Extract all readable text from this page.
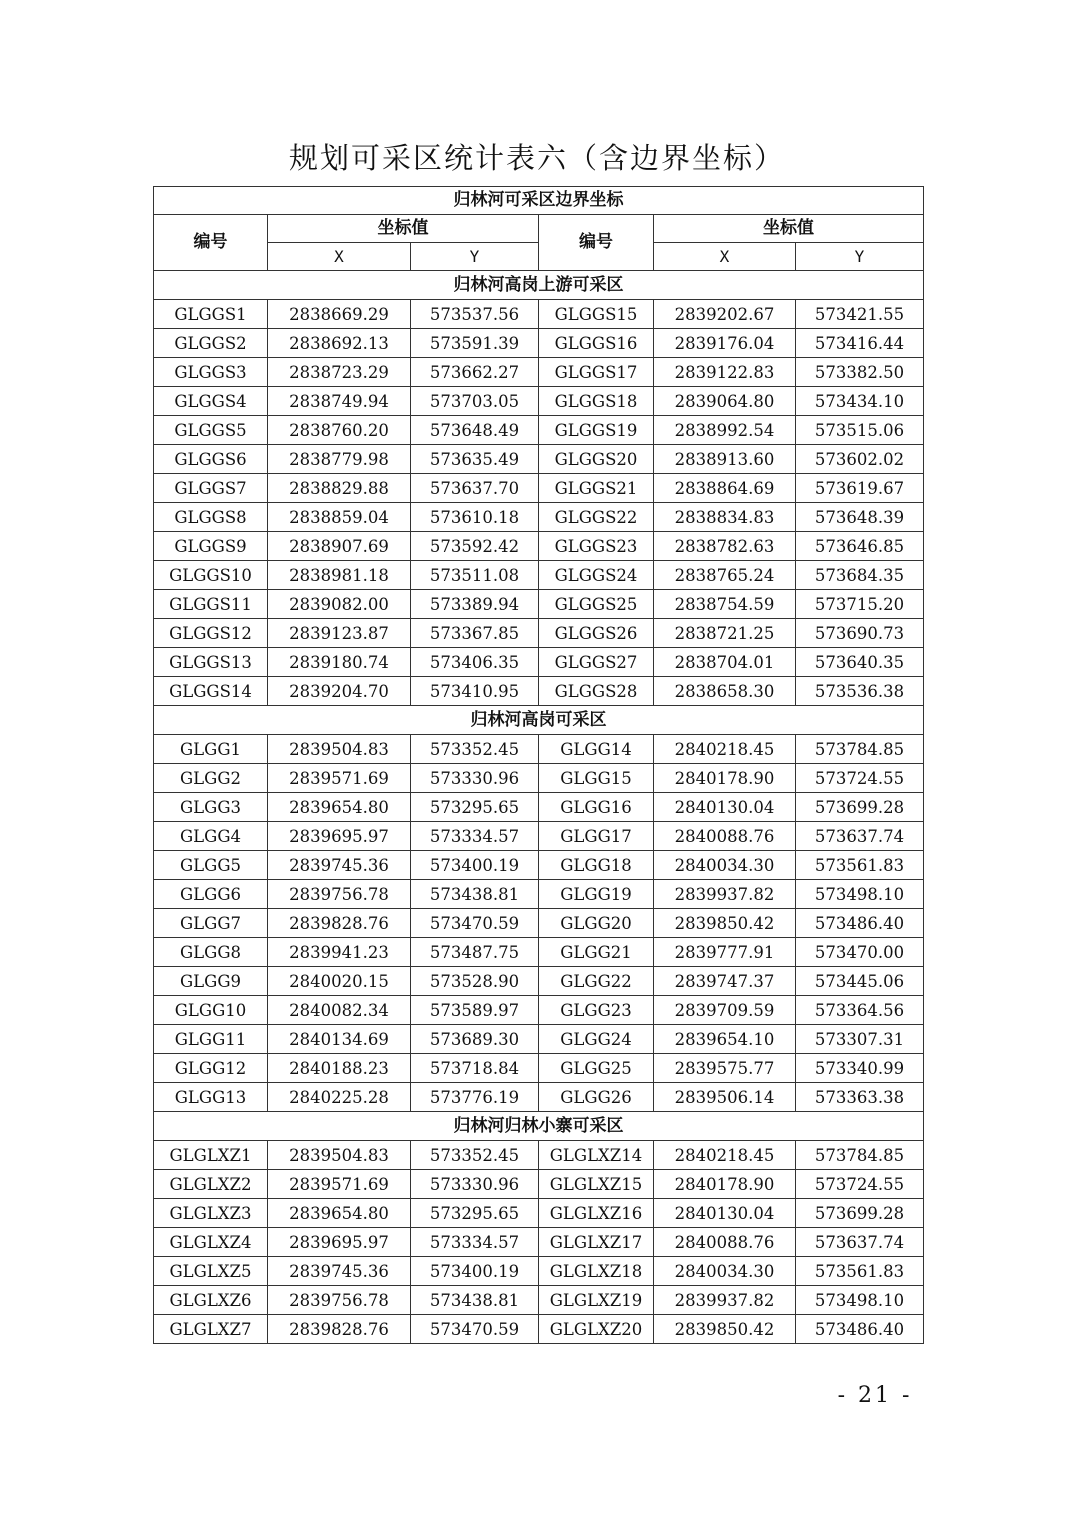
规划可采区统计表六（含边界坐标）
归林河可采区边界坐标					
编号	坐标值		编号	坐标值	
	X	Y		X	Y
归林河高岗上游可采区					
GLGGS1	2838669.29	573537.56	GLGGS15	2839202.67	573421.55
GLGGS2	2838692.13	573591.39	GLGGS16	2839176.04	573416.44
GLGGS3	2838723.29	573662.27	GLGGS17	2839122.83	573382.50
GLGGS4	2838749.94	573703.05	GLGGS18	2839064.80	573434.10
GLGGS5	2838760.20	573648.49	GLGGS19	2838992.54	573515.06
GLGGS6	2838779.98	573635.49	GLGGS20	2838913.60	573602.02
GLGGS7	2838829.88	573637.70	GLGGS21	2838864.69	573619.67
GLGGS8	2838859.04	573610.18	GLGGS22	2838834.83	573648.39
GLGGS9	2838907.69	573592.42	GLGGS23	2838782.63	573646.85
GLGGS10	2838981.18	573511.08	GLGGS24	2838765.24	573684.35
GLGGS11	2839082.00	573389.94	GLGGS25	2838754.59	573715.20
GLGGS12	2839123.87	573367.85	GLGGS26	2838721.25	573690.73
GLGGS13	2839180.74	573406.35	GLGGS27	2838704.01	573640.35
GLGGS14	2839204.70	573410.95	GLGGS28	2838658.30	573536.38
归林河高岗可采区					
GLGG1	2839504.83	573352.45	GLGG14	2840218.45	573784.85
GLGG2	2839571.69	573330.96	GLGG15	2840178.90	573724.55
GLGG3	2839654.80	573295.65	GLGG16	2840130.04	573699.28
GLGG4	2839695.97	573334.57	GLGG17	2840088.76	573637.74
GLGG5	2839745.36	573400.19	GLGG18	2840034.30	573561.83
GLGG6	2839756.78	573438.81	GLGG19	2839937.82	573498.10
GLGG7	2839828.76	573470.59	GLGG20	2839850.42	573486.40
GLGG8	2839941.23	573487.75	GLGG21	2839777.91	573470.00
GLGG9	2840020.15	573528.90	GLGG22	2839747.37	573445.06
GLGG10	2840082.34	573589.97	GLGG23	2839709.59	573364.56
GLGG11	2840134.69	573689.30	GLGG24	2839654.10	573307.31
GLGG12	2840188.23	573718.84	GLGG25	2839575.77	573340.99
GLGG13	2840225.28	573776.19	GLGG26	2839506.14	573363.38
归林河归林小寨可采区					
GLGLXZ1	2839504.83	573352.45	GLGLXZ14	2840218.45	573784.85
GLGLXZ2	2839571.69	573330.96	GLGLXZ15	2840178.90	573724.55
GLGLXZ3	2839654.80	573295.65	GLGLXZ16	2840130.04	573699.28
GLGLXZ4	2839695.97	573334.57	GLGLXZ17	2840088.76	573637.74
GLGLXZ5	2839745.36	573400.19	GLGLXZ18	2840034.30	573561.83
GLGLXZ6	2839756.78	573438.81	GLGLXZ19	2839937.82	573498.10
GLGLXZ7	2839828.76	573470.59	GLGLXZ20	2839850.42	573486.40
- 21 -
